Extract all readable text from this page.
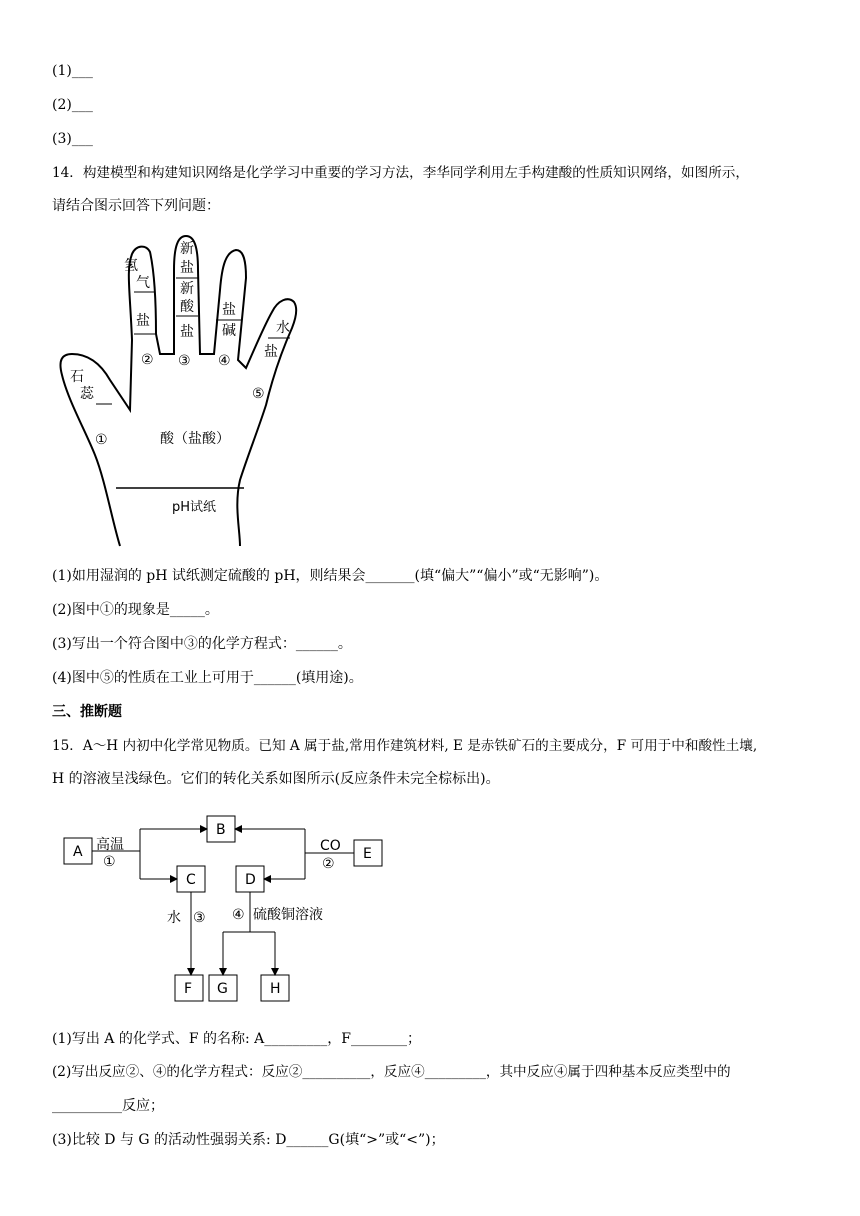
(1)___
(2)___
(3)___
14．构建模型和构建知识网络是化学学习中重要的学习方法，李华同学利用左手构建酸的性质知识网络，如图所示，
请结合图示回答下列问题：
石
蕊
氢
气
盐
新
盐
新
酸
盐
盐
碱	水
盐
①
② ③ ④
⑤
酸（盐酸）
pH试纸
(1)如用湿润的 pH 试纸测定硫酸的 pH，则结果会_______(填“偏大”“偏小”或“无影响”)。
(2)图中①的现象是_____。
(3)写出一个符合图中③的化学方程式：______。
(4)图中⑤的性质在工业上可用于______(填用途)。
三、推断题
15．A～H 内初中化学常见物质。已知 A 属于盐,常用作建筑材料, E 是赤铁矿石的主要成分，F 可用于中和酸性土壤,
H 的溶液呈浅绿色。它们的转化关系如图所示(反应条件未完全棕标出)。
A
B
C	D
E
F G	H
高温
①
CO
②
水 ③ ④ 硫酸铜溶液
(1)写出 A 的化学式、F 的名称: A_________，F________；
(2)写出反应②、④的化学方程式：反应②__________，反应④_________，其中反应④属于四种基本反应类型中的
__________反应；
(3)比较 D 与 G 的活动性强弱关系: D______G(填“>”或“<”)；
